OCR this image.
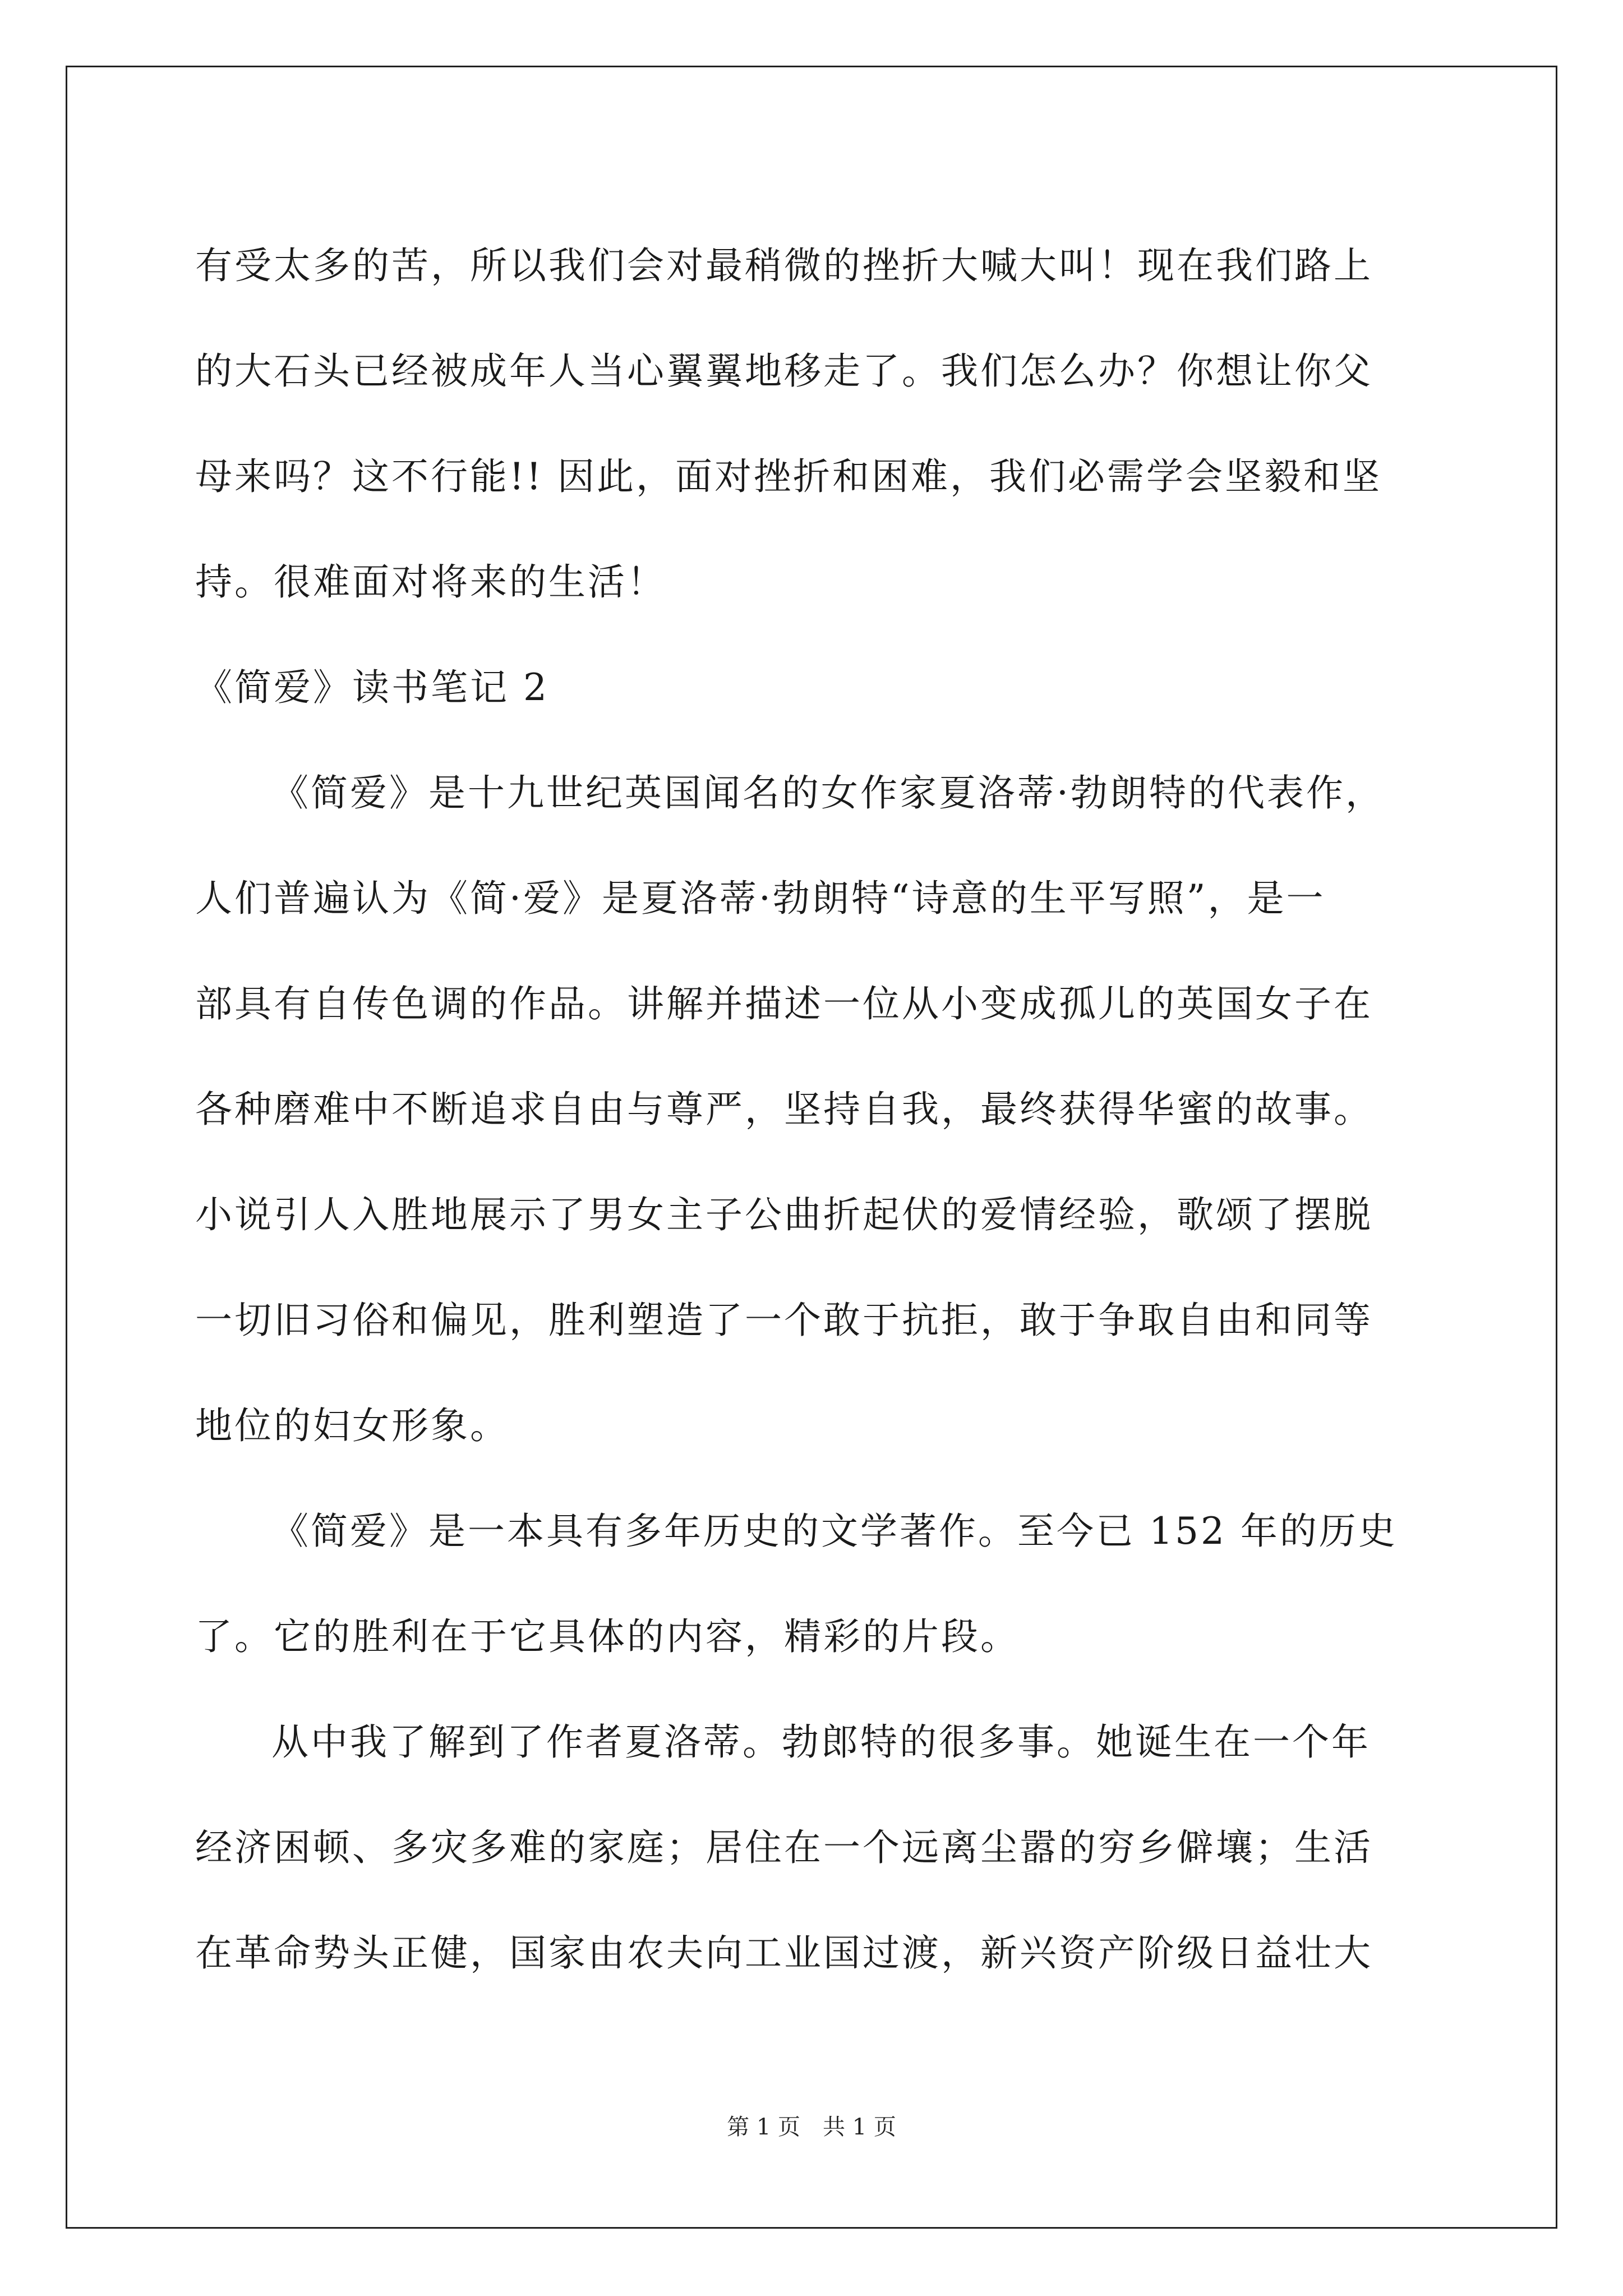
有受太多的苦，所以我们会对最稍微的挫折大喊大叫！现在我们路上
的大石头已经被成年人当心翼翼地移走了。我们怎么办？你想让你父
母来吗？这不行能!! 因此，面对挫折和困难，我们必需学会坚毅和坚
持。很难面对将来的生活！
《简爱》读书笔记 2
《简爱》是十九世纪英国闻名的女作家夏洛蒂·勃朗特的代表作，
人们普遍认为《简·爱》是夏洛蒂·勃朗特“诗意的生平写照”，是一
部具有自传色调的作品。讲解并描述一位从小变成孤儿的英国女子在
各种磨难中不断追求自由与尊严，坚持自我，最终获得华蜜的故事。
小说引人入胜地展示了男女主子公曲折起伏的爱情经验，歌颂了摆脱
一切旧习俗和偏见，胜利塑造了一个敢于抗拒，敢于争取自由和同等
地位的妇女形象。
《简爱》是一本具有多年历史的文学著作。至今已 152 年的历史
了。它的胜利在于它具体的内容，精彩的片段。
从中我了解到了作者夏洛蒂。勃郎特的很多事。她诞生在一个年
经济困顿、多灾多难的家庭；居住在一个远离尘嚣的穷乡僻壤；生活
在革命势头正健，国家由农夫向工业国过渡，新兴资产阶级日益壮大
第 1 页　共 1 页
